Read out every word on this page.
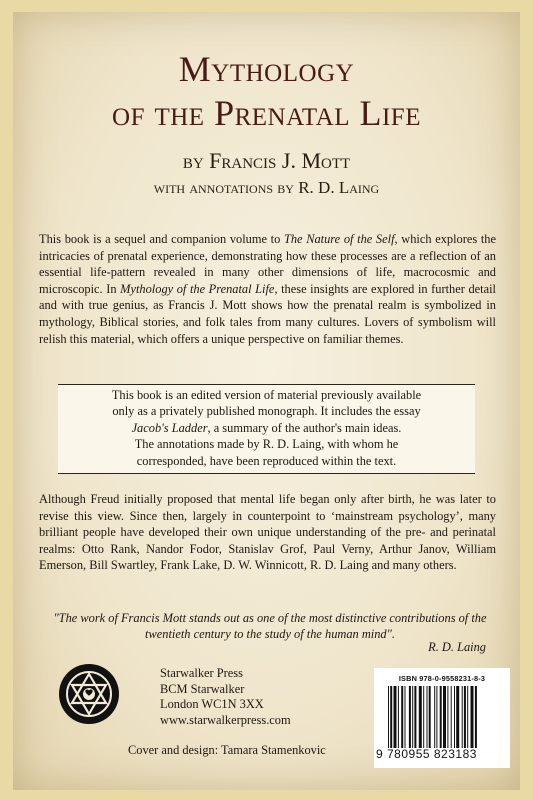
Mythology
of the Prenatal Life
by Francis J. Mott
with annotations by R. D. Laing

This book is a sequel and companion volume to The Nature of the Self, which explores the intricacies of prenatal experience, demonstrating how these processes are a reflection of an essential life-pattern revealed in many other dimensions of life, macrocosmic and microscopic. In Mythology of the Prenatal Life, these insights are explored in further detail and with true genius, as Francis J. Mott shows how the prenatal realm is symbolized in mythology, Biblical stories, and folk tales from many cultures. Lovers of symbolism will relish this material, which offers a unique perspective on familiar themes.

This book is an edited version of material previously available

only as a privately published monograph. It includes the essay

Jacob's Ladder, a summary of the author's main ideas.

The annotations made by R. D. Laing, with whom he

corresponded, have been reproduced within the text.

Although Freud initially proposed that mental life began only after birth, he was later to revise this view. Since then, largely in counterpoint to ‘mainstream psychology’, many brilliant people have developed their own unique understanding of the pre- and perinatal realms: Otto Rank, Nandor Fodor, Stanislav Grof, Paul Verny, Arthur Janov, William Emerson, Bill Swartley, Frank Lake, D. W. Winnicott, R. D. Laing and many others.

"The work of Francis Mott stands out as one of the most distinctive contributions of the twentieth century to the study of the human mind".

R. D. Laing
Starwalker Press
BCM Starwalker
London WC1N 3XX
www.starwalkerpress.com
ISBN 978-0-9558231-8-3
9 780955 823183
Cover and design: Tamara Stamenkovic
